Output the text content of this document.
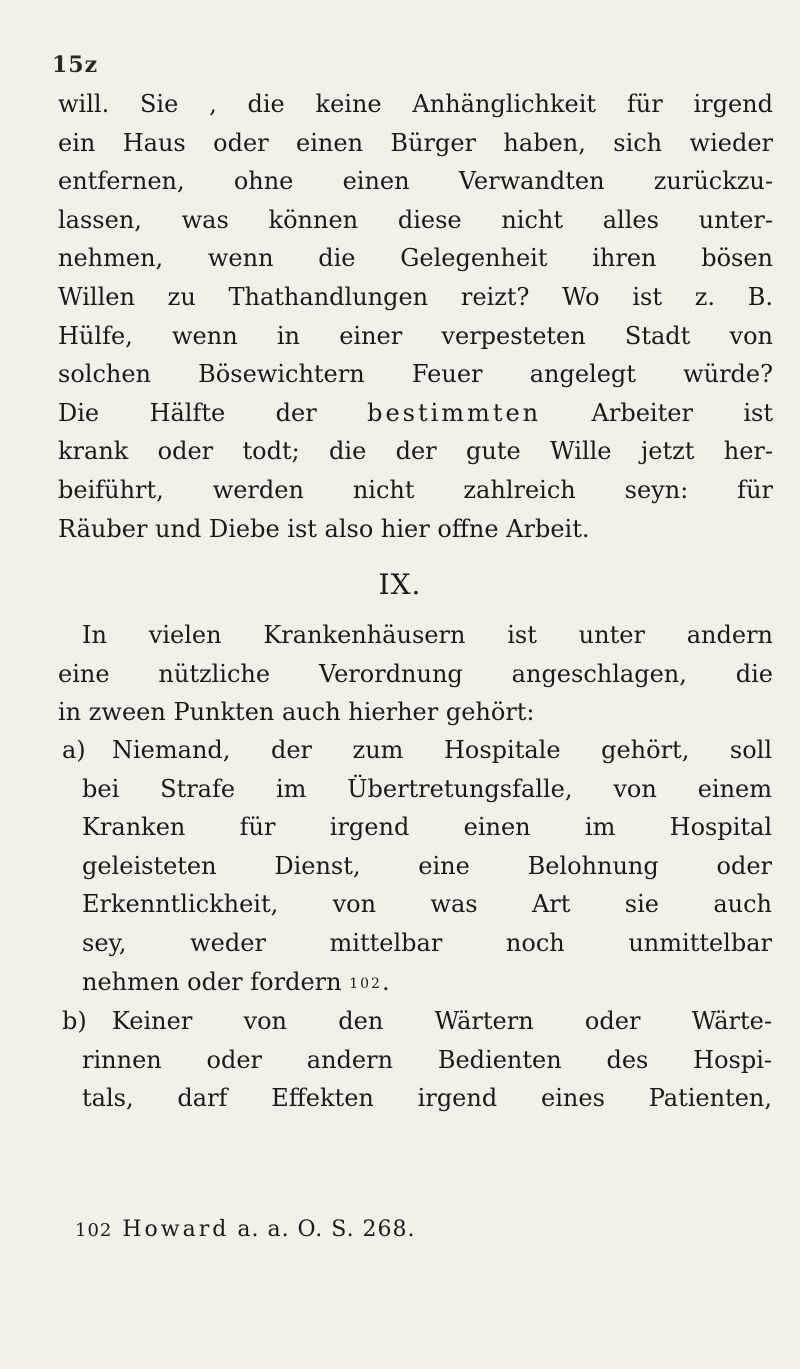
15z
will. Sie , die keine Anhänglichkeit für irgend
ein Haus oder einen Bürger haben, sich wieder
entfernen, ohne einen Verwandten zurückzu-
lassen, was können diese nicht alles unter-
nehmen, wenn die Gelegenheit ihren bösen
Willen zu Thathandlungen reizt? Wo ist z. B.
Hülfe, wenn in einer verpesteten Stadt von
solchen Bösewichtern Feuer angelegt würde?
Die Hälfte der bestimmten Arbeiter ist
krank oder todt; die der gute Wille jetzt her-
beiführt, werden nicht zahlreich seyn: für
Räuber und Diebe ist also hier offne Arbeit.
IX.
In vielen Krankenhäusern ist unter andern
eine nützliche Verordnung angeschlagen, die
in zween Punkten auch hierher gehört:
a) Niemand, der zum Hospitale gehört, soll
bei Strafe im Übertretungsfalle, von einem
Kranken für irgend einen im Hospital
geleisteten Dienst, eine Belohnung oder
Erkenntlickheit, von was Art sie auch
sey, weder mittelbar noch unmittelbar
nehmen oder fordern $^{102}$.
b) Keiner von den Wärtern oder Wärte-
rinnen oder andern Bedienten des Hospi-
tals, darf Effekten irgend eines Patienten,
102 Howard a. a. O. S. 268.
